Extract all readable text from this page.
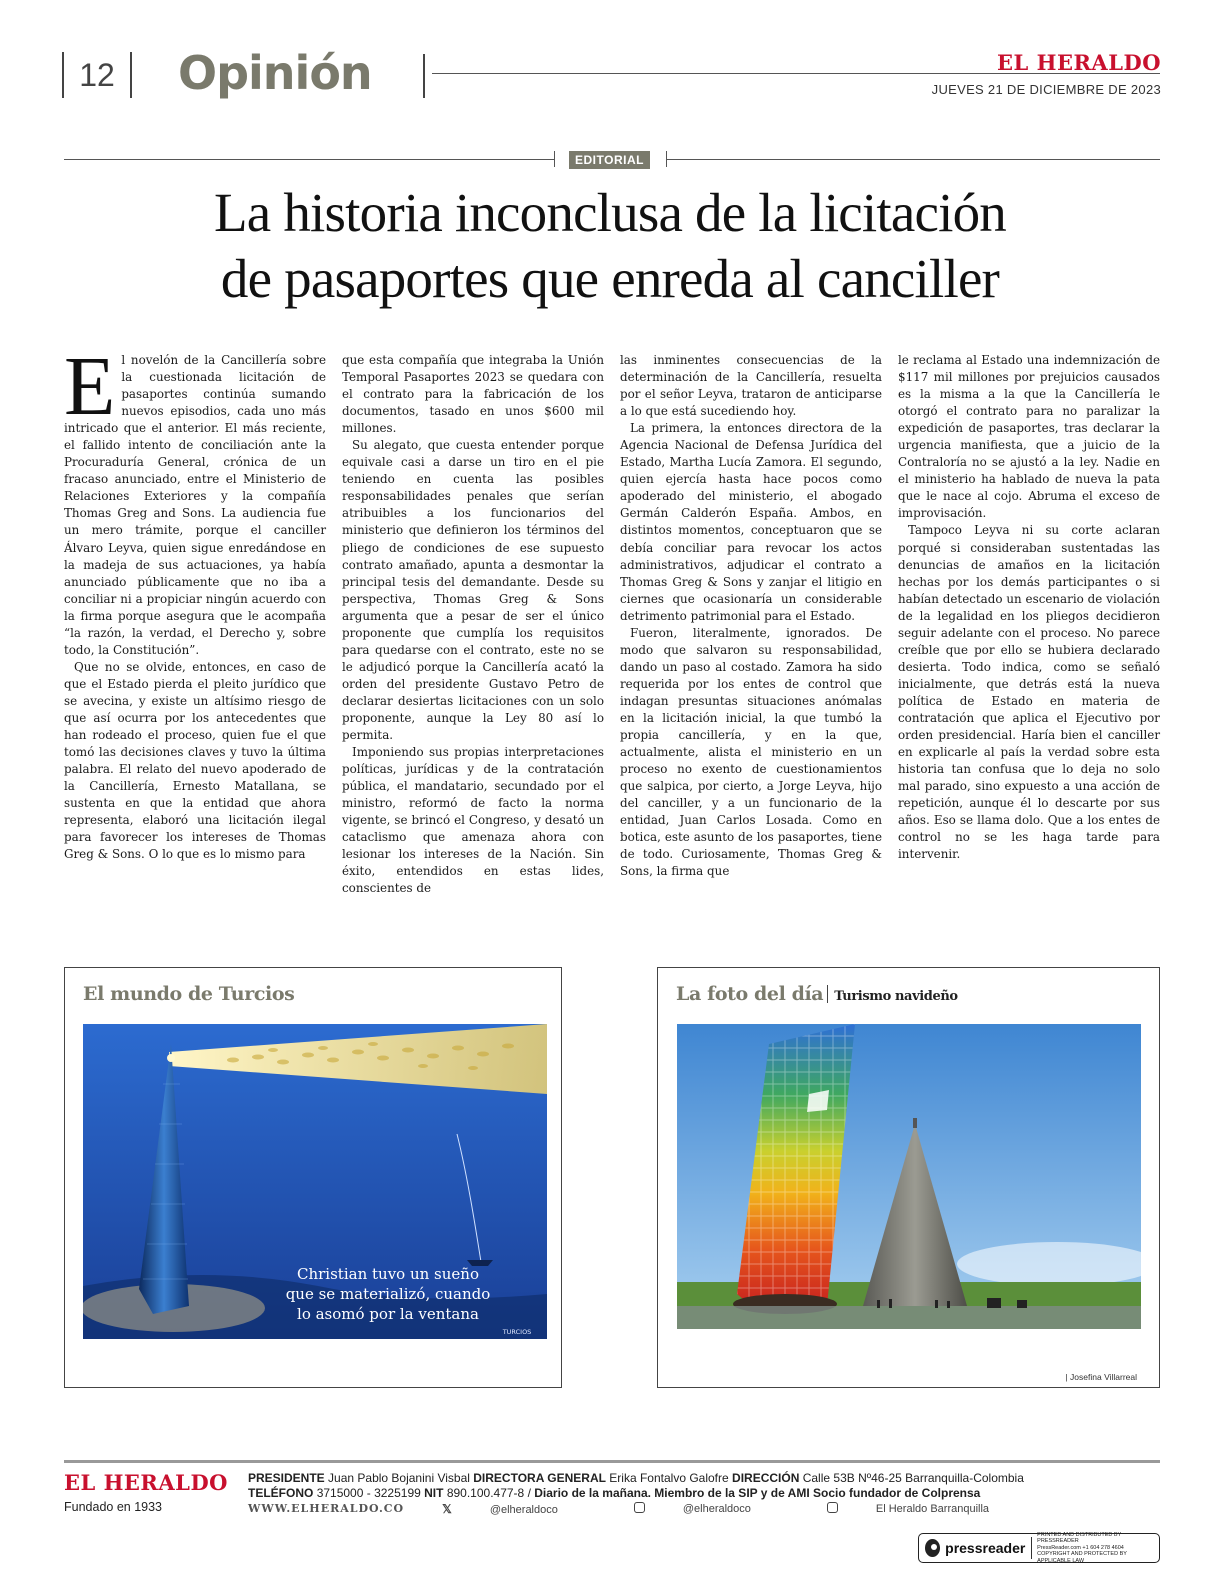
12	Opinión	EL HERALDO
JUEVES 21 DE DICIEMBRE DE 2023
EDITORIAL
La historia inconclusa de la licitación
de pasaportes que enreda al canciller

El novelón de la Cancillería sobre la cuestionada licitación de pasaportes continúa sumando nuevos episodios, cada uno más intricado que el anterior. El más reciente, el fallido intento de conciliación ante la Procuraduría General, crónica de un fracaso anunciado, entre el Ministerio de Relaciones Exteriores y la compañía Thomas Greg and Sons. La audiencia fue un mero trámite, porque el canciller Álvaro Leyva, quien sigue enredándose en la madeja de sus actuaciones, ya había anunciado públicamente que no iba a conciliar ni a propiciar ningún acuerdo con la firma porque asegura que le acompaña “la razón, la verdad, el Derecho y, sobre todo, la Constitución”.

Que no se olvide, entonces, en caso de que el Estado pierda el pleito jurídico que se avecina, y existe un altísimo riesgo de que así ocurra por los antecedentes que han rodeado el proceso, quien fue el que tomó las decisiones claves y tuvo la última palabra. El relato del nuevo apoderado de la Cancillería, Ernesto Matallana, se sustenta en que la entidad que ahora representa, elaboró una licitación ilegal para favorecer los intereses de Thomas Greg & Sons. O lo que es lo mismo para

que esta compañía que integraba la Unión Temporal Pasaportes 2023 se quedara con el contrato para la fabricación de los documentos, tasado en unos $600 mil millones.

Su alegato, que cuesta entender porque equivale casi a darse un tiro en el pie teniendo en cuenta las posibles responsabilidades penales que serían atribuibles a los funcionarios del ministerio que definieron los términos del pliego de condiciones de ese supuesto contrato amañado, apunta a desmontar la principal tesis del demandante. Desde su perspectiva, Thomas Greg & Sons argumenta que a pesar de ser el único proponente que cumplía los requisitos para quedarse con el contrato, este no se le adjudicó porque la Cancillería acató la orden del presidente Gustavo Petro de declarar desiertas licitaciones con un solo proponente, aunque la Ley 80 así lo permita.

Imponiendo sus propias interpretaciones políticas, jurídicas y de la contratación pública, el mandatario, secundado por el ministro, reformó de facto la norma vigente, se brincó el Congreso, y desató un cataclismo que amenaza ahora con lesionar los intereses de la Nación. Sin éxito, entendidos en estas lides, conscientes de

las inminentes consecuencias de la determinación de la Cancillería, resuelta por el señor Leyva, trataron de anticiparse a lo que está sucediendo hoy.

La primera, la entonces directora de la Agencia Nacional de Defensa Jurídica del Estado, Martha Lucía Zamora. El segundo, quien ejercía hasta hace pocos como apoderado del ministerio, el abogado Germán Calderón España. Ambos, en distintos momentos, conceptuaron que se debía conciliar para revocar los actos administrativos, adjudicar el contrato a Thomas Greg & Sons y zanjar el litigio en ciernes que ocasionaría un considerable detrimento patrimonial para el Estado.

Fueron, literalmente, ignorados. De modo que salvaron su responsabilidad, dando un paso al costado. Zamora ha sido requerida por los entes de control que indagan presuntas situaciones anómalas en la licitación inicial, la que tumbó la propia cancillería, y en la que, actualmente, alista el ministerio en un proceso no exento de cuestionamientos que salpica, por cierto, a Jorge Leyva, hijo del canciller, y a un funcionario de la entidad, Juan Carlos Losada. Como en botica, este asunto de los pasaportes, tiene de todo. Curiosamente, Thomas Greg & Sons, la firma que

le reclama al Estado una indemnización de $117 mil millones por prejuicios causados es la misma a la que la Cancillería le otorgó el contrato para no paralizar la expedición de pasaportes, tras declarar la urgencia manifiesta, que a juicio de la Contraloría no se ajustó a la ley. Nadie en el ministerio ha hablado de nueva la pata que le nace al cojo. Abruma el exceso de improvisación.

Tampoco Leyva ni su corte aclaran porqué si consideraban sustentadas las denuncias de amaños en la licitación hechas por los demás participantes o si habían detectado un escenario de violación de la legalidad en los pliegos decidieron seguir adelante con el proceso. No parece creíble que por ello se hubiera declarado desierta. Todo indica, como se señaló inicialmente, que detrás está la nueva política de Estado en materia de contratación que aplica el Ejecutivo por orden presidencial. Haría bien el canciller en explicarle al país la verdad sobre esta historia tan confusa que lo deja no solo mal parado, sino expuesto a una acción de repetición, aunque él lo descarte por sus años. Eso se llama dolo. Que a los entes de control no se les haga tarde para intervenir.

El mundo de Turcios
Christian tuvo un sueño
que se materializó, cuando
lo asomó por la ventana
TURCIOS
La foto del día Turismo navideño
| Josefina Villarreal
EL HERALDO
Fundado en 1933
PRESIDENTE Juan Pablo Bojanini Visbal DIRECTORA GENERAL Erika Fontalvo Galofre DIRECCIÓN Calle 53B Nº46-25 Barranquilla-Colombia
TELÉFONO 3715000 - 3225199 NIT 890.100.477-8 / Diario de la mañana. Miembro de la SIP y de AMI Socio fundador de Colprensa
WWW.ELHERALDO.CO	𝕏	@elheraldoco	@elheraldoco	El Heraldo Barranquilla
pressreader
PRINTED AND DISTRIBUTED BY PRESSREADER
PressReader.com +1 604 278 4604
COPYRIGHT AND PROTECTED BY APPLICABLE LAW
